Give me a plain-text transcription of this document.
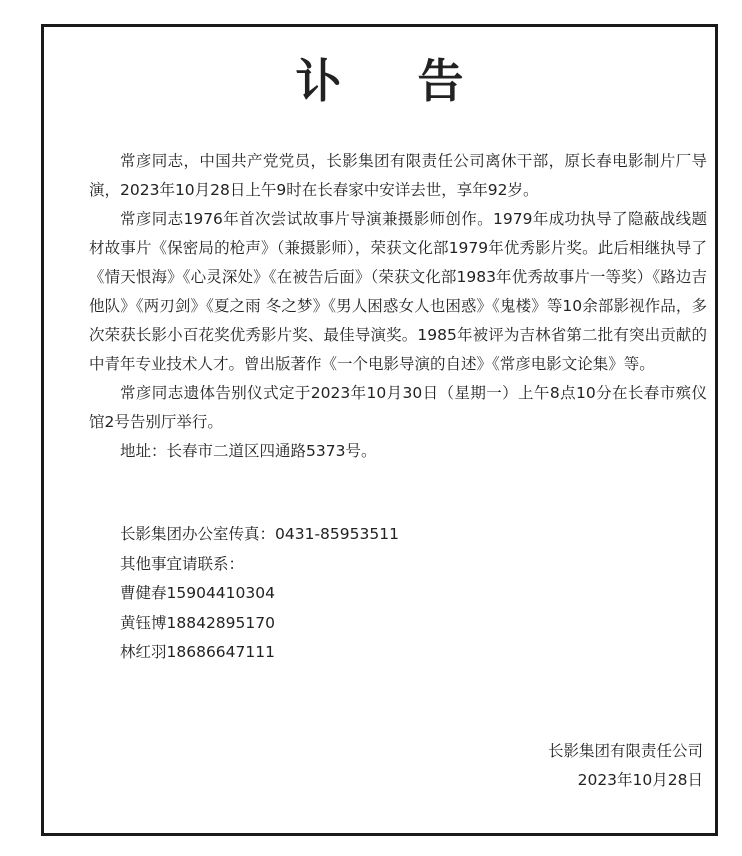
讣 告

常彦同志，中国共产党党员，长影集团有限责任公司离休干部，原长春电影制片厂导演，2023年10月28日上午9时在长春家中安详去世，享年92岁。

常彦同志1976年首次尝试故事片导演兼摄影师创作。1979年成功执导了隐蔽战线题材故事片《保密局的枪声》（兼摄影师），荣获文化部1979年优秀影片奖。此后相继执导了《情天恨海》《心灵深处》《在被告后面》（荣获文化部1983年优秀故事片一等奖）《路边吉他队》《两刃剑》《夏之雨 冬之梦》《男人困惑女人也困惑》《鬼楼》等10余部影视作品，多次荣获长影小百花奖优秀影片奖、最佳导演奖。1985年被评为吉林省第二批有突出贡献的中青年专业技术人才。曾出版著作《一个电影导演的自述》《常彦电影文论集》等。

常彦同志遗体告别仪式定于2023年10月30日（星期一）上午8点10分在长春市殡仪馆2号告别厅举行。

地址：长春市二道区四通路5373号。

长影集团办公室传真：0431-85953511
其他事宜请联系：
曹健春15904410304
黄钰博18842895170
林红羽18686647111
长影集团有限责任公司
2023年10月28日
